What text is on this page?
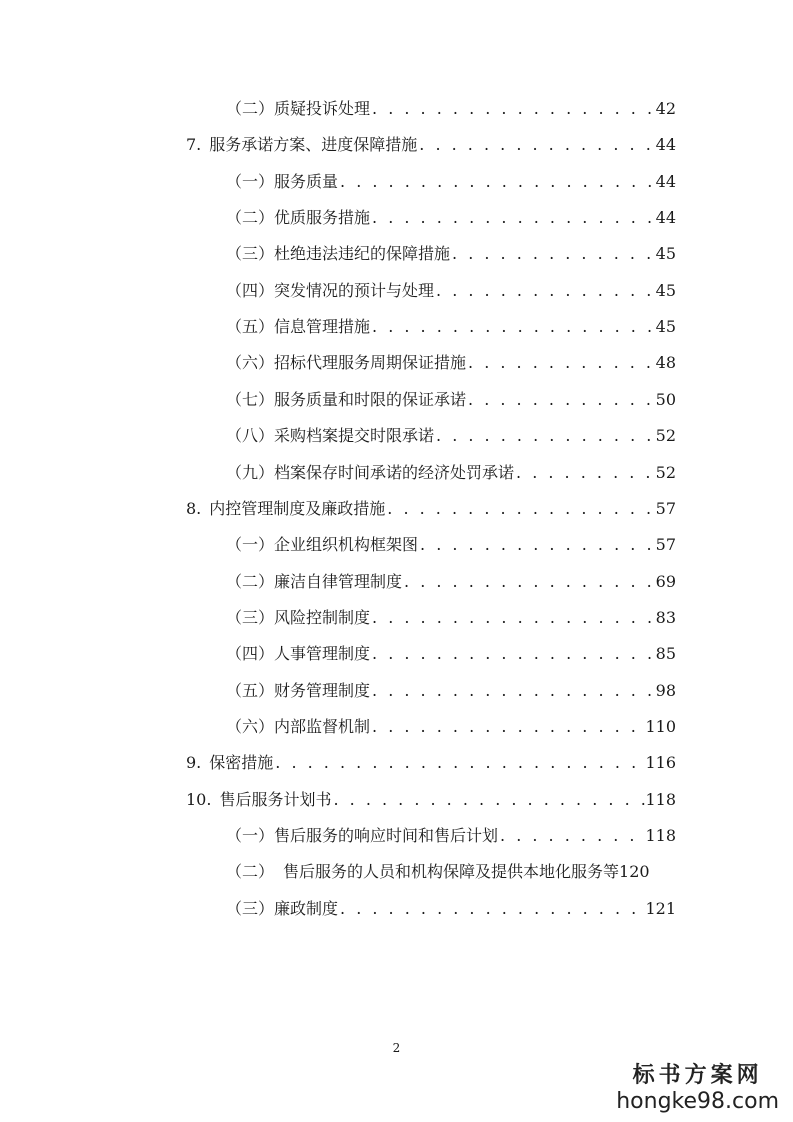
（二） 质疑投诉处理 . . .	42
7. 服务承诺方案、进度保障措施 . . .	44
（一） 服务质量 . . .	44
（二） 优质服务措施 . . .	44
（三） 杜绝违法违纪的保障措施 . . .	45
（四） 突发情况的预计与处理 . . .	45
（五） 信息管理措施 . . .	45
（六） 招标代理服务周期保证措施 . . .	48
（七） 服务质量和时限的保证承诺 . . .	50
（八） 采购档案提交时限承诺 . . .	52
（九） 档案保存时间承诺的经济处罚承诺 . . .	52
8. 内控管理制度及廉政措施 . . .	57
（一） 企业组织机构框架图 . . .	57
（二） 廉洁自律管理制度 . . .	69
（三） 风险控制制度 . . .	83
（四） 人事管理制度 . . .	85
（五） 财务管理制度 . . .	98
（六） 内部监督机制 . . .	110
9. 保密措施 . . .	116
10. 售后服务计划书 . . .	118
（一） 售后服务的响应时间和售后计划 . . .	118
（二） 售后服务的人员和机构保障及提供本地化服务等 120
（三） 廉政制度 . . .	121
2
标书方案网
hongke98.com
